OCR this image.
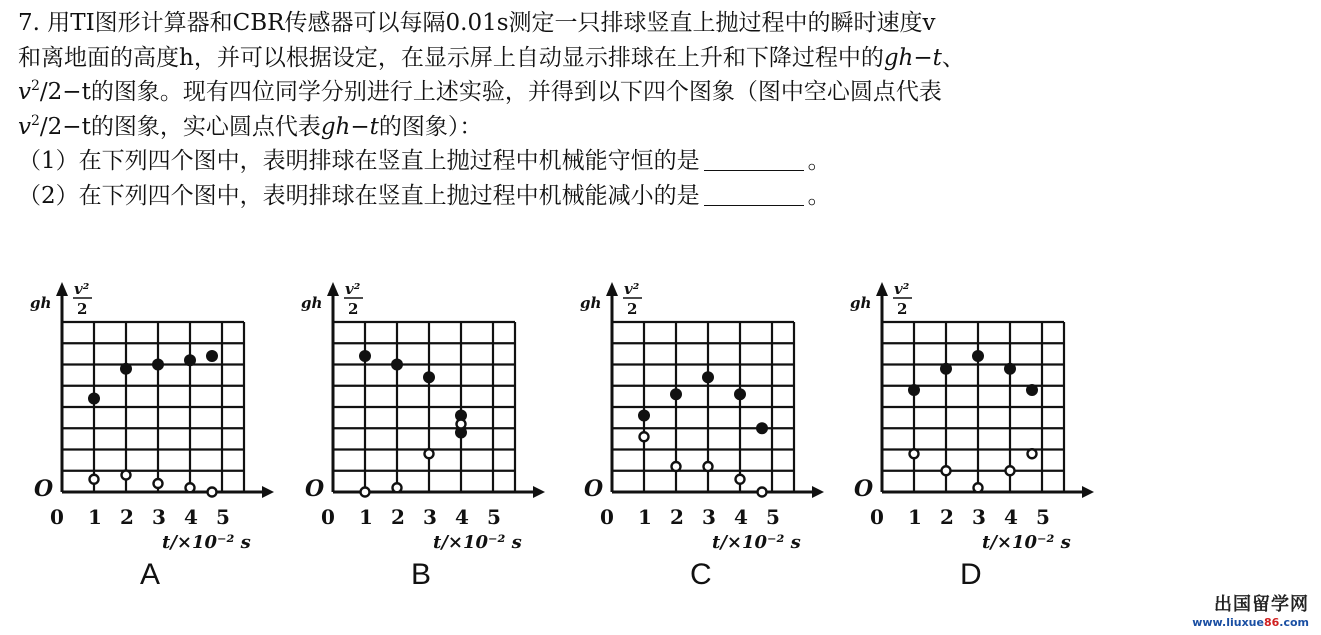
7. 用TI图形计算器和CBR传感器可以每隔0.01s测定一只排球竖直上抛过程中的瞬时速度v

和离地面的高度h，并可以根据设定，在显示屏上自动显示排球在上升和下降过程中的gh−t、

$v^2/2-t$的图象。现有四位同学分别进行上述实验，并得到以下四个图象（图中空心圆点代表

$v^2/2-t$的图象，实心圆点代表gh−t的图象）：

（1）在下列四个图中，表明排球在竖直上抛过程中机械能守恒的是	。

（2）在下列四个图中，表明排球在竖直上抛过程中机械能减小的是	。

gh
v²
2
O
0 1 2 3 4 5
t/×10⁻² s
A
gh
v²
2
O
0 1 2 3 4 5
t/×10⁻² s
B
gh
v²
2
O
0 1 2 3 4 5
t/×10⁻² s
C
gh
v²
2
O
0 1 2 3 4 5
t/×10⁻² s
D
出国留学网
www.liuxue86.com
